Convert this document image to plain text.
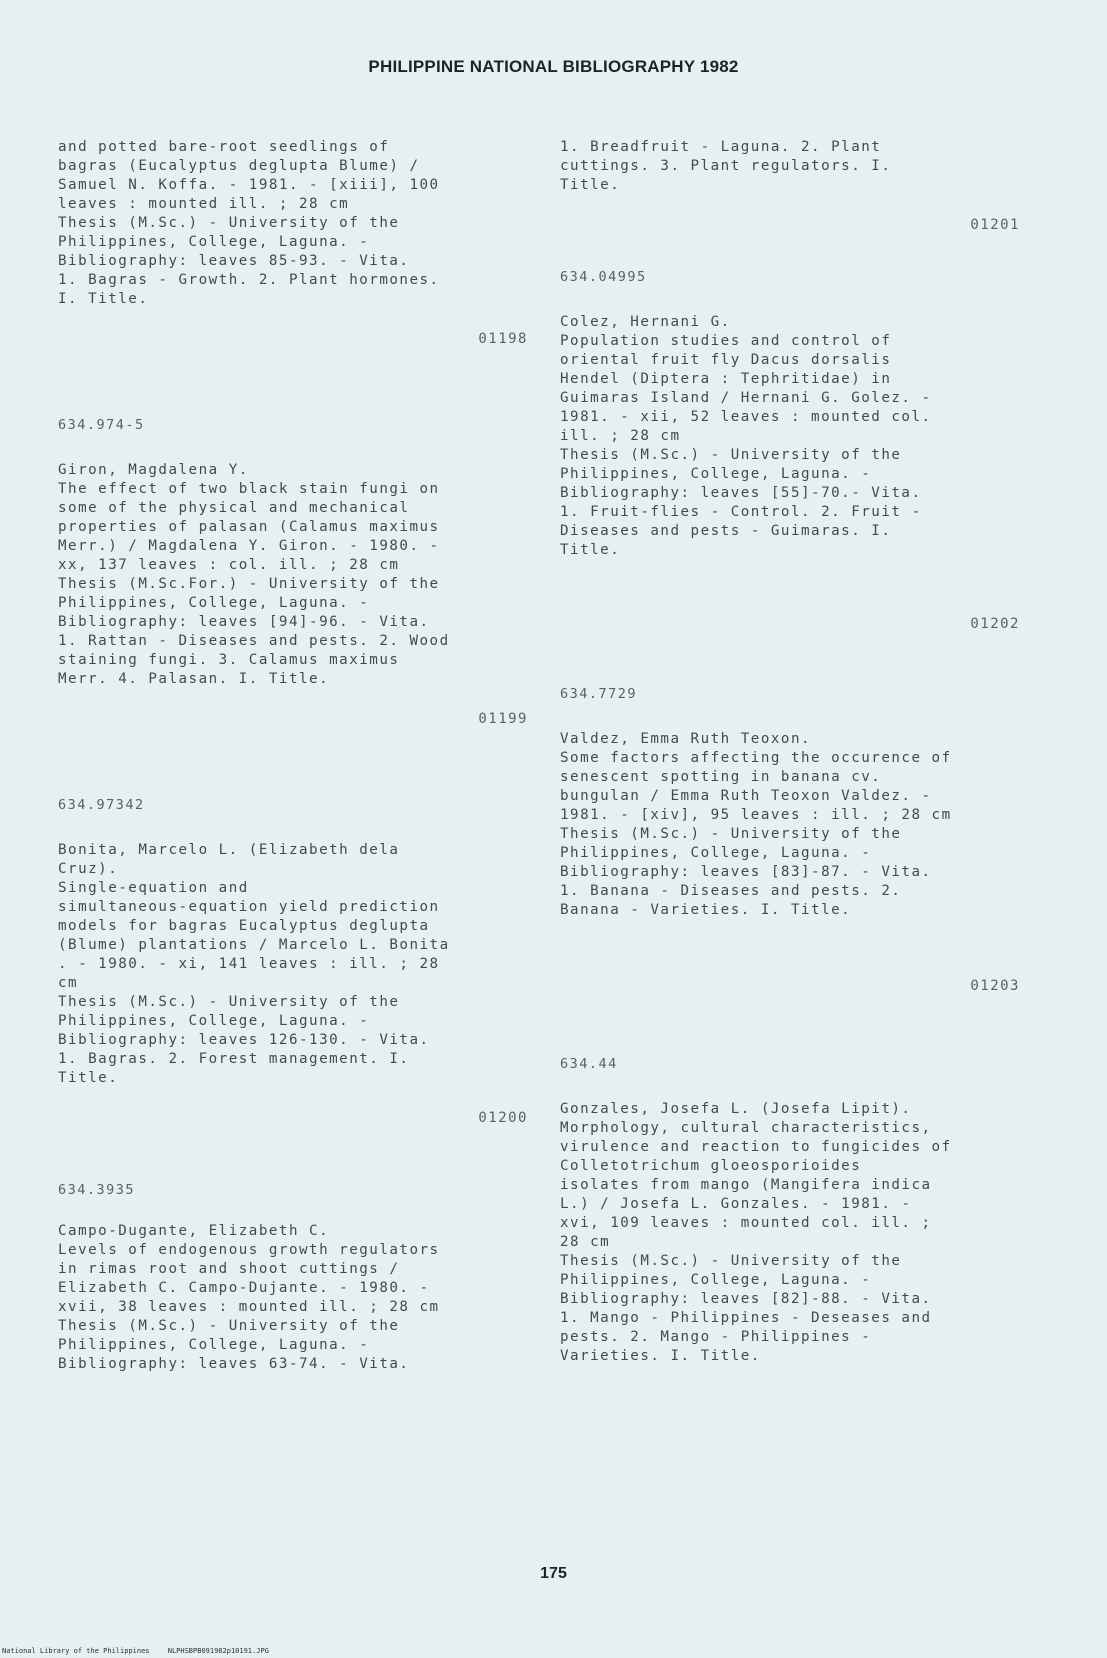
PHILIPPINE NATIONAL BIBLIOGRAPHY 1982

and potted bare-root seedlings of
bagras (Eucalyptus deglupta Blume) /
Samuel N. Koffa. - 1981. - [xiii], 100
leaves : mounted ill. ; 28 cm

Thesis (M.Sc.) - University of the
Philippines, College, Laguna. -
Bibliography: leaves 85-93. - Vita.

1. Bagras - Growth. 2. Plant hormones.
I. Title.

01198
634.974-5

Giron, Magdalena Y.
The effect of two black stain fungi on
some of the physical and mechanical
properties of palasan (Calamus maximus
Merr.) / Magdalena Y. Giron. - 1980. -
xx, 137 leaves : col. ill. ; 28 cm

Thesis (M.Sc.For.) - University of the
Philippines, College, Laguna. -
Bibliography: leaves [94]-96. - Vita.

1. Rattan - Diseases and pests. 2. Wood
staining fungi. 3. Calamus maximus
Merr. 4. Palasan. I. Title.

01199
634.97342

Bonita, Marcelo L. (Elizabeth dela
Cruz).
Single-equation and
simultaneous-equation yield prediction
models for bagras Eucalyptus deglupta
(Blume) plantations / Marcelo L. Bonita
. - 1980. - xi, 141 leaves : ill. ; 28
cm

Thesis (M.Sc.) - University of the
Philippines, College, Laguna. -
Bibliography: leaves 126-130. - Vita.

1. Bagras. 2. Forest management. I.
Title.

01200
634.3935

Campo-Dugante, Elizabeth C.
Levels of endogenous growth regulators
in rimas root and shoot cuttings /
Elizabeth C. Campo-Dujante. - 1980. -
xvii, 38 leaves : mounted ill. ; 28 cm

Thesis (M.Sc.) - University of the
Philippines, College, Laguna. -
Bibliography: leaves 63-74. - Vita.

1. Breadfruit - Laguna. 2. Plant
cuttings. 3. Plant regulators. I.
Title.

01201
634.04995

Colez, Hernani G.
Population studies and control of
oriental fruit fly Dacus dorsalis
Hendel (Diptera : Tephritidae) in
Guimaras Island / Hernani G. Golez. -
1981. - xii, 52 leaves : mounted col.
ill. ; 28 cm

Thesis (M.Sc.) - University of the
Philippines, College, Laguna. -
Bibliography: leaves [55]-70.- Vita.

1. Fruit-flies - Control. 2. Fruit -
Diseases and pests - Guimaras. I.
Title.

01202
634.7729

Valdez, Emma Ruth Teoxon.
Some factors affecting the occurence of
senescent spotting in banana cv.
bungulan / Emma Ruth Teoxon Valdez. -
1981. - [xiv], 95 leaves : ill. ; 28 cm

Thesis (M.Sc.) - University of the
Philippines, College, Laguna. -
Bibliography: leaves [83]-87. - Vita.

1. Banana - Diseases and pests. 2.
Banana - Varieties. I. Title.

01203
634.44

Gonzales, Josefa L. (Josefa Lipit).
Morphology, cultural characteristics,
virulence and reaction to fungicides of
Colletotrichum gloeosporioides
isolates from mango (Mangifera indica
L.) / Josefa L. Gonzales. - 1981. -
xvi, 109 leaves : mounted col. ill. ;
28 cm

Thesis (M.Sc.) - University of the
Philippines, College, Laguna. -
Bibliography: leaves [82]-88. - Vita.

1. Mango - Philippines - Deseases and
pests. 2. Mango - Philippines -
Varieties. I. Title.

175
National Library of the Philippines	NLPHSBPB091982p10191.JPG
